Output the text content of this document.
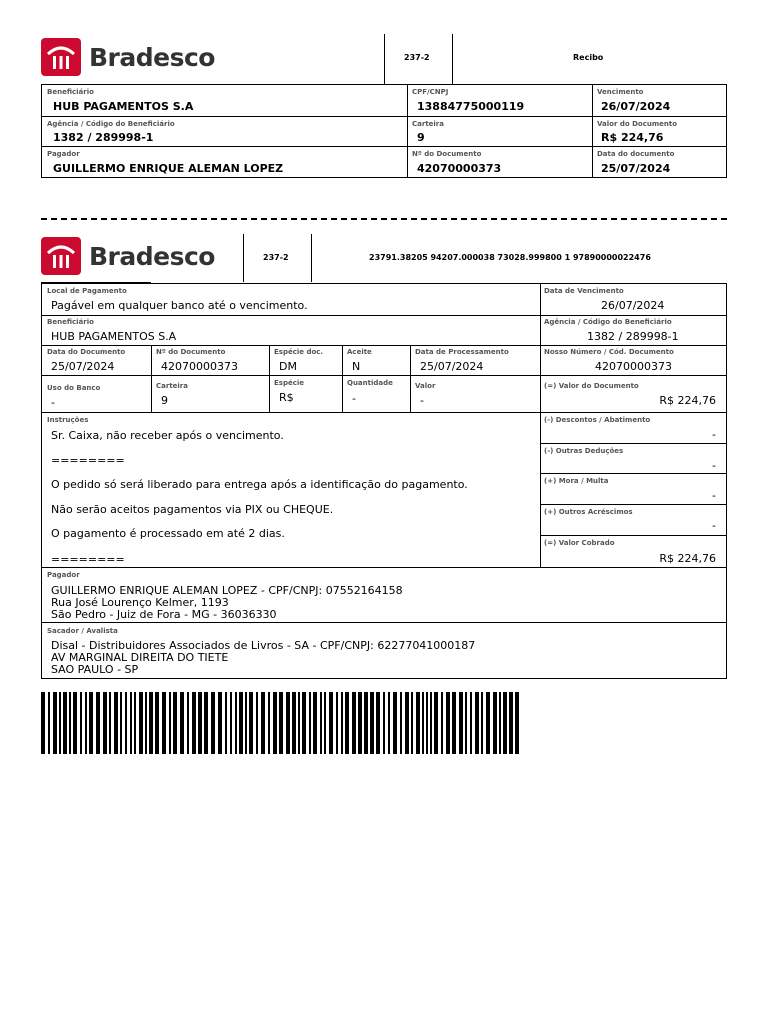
Bradesco	237-2	Recibo
Beneficiário
HUB PAGAMENTOS S.A
CPF/CNPJ
13884775000119
Vencimento
26/07/2024
Agência / Código do Beneficiário
1382 / 289998-1
Carteira
9
Valor do Documento
R$ 224,76
Pagador
GUILLERMO ENRIQUE ALEMAN LOPEZ
Nº do Documento
42070000373
Data do documento
25/07/2024
Bradesco	237-2	23791.38205 94207.000038 73028.999800 1 97890000022476
Local de Pagamento
Pagável em qualquer banco até o vencimento.
Data de Vencimento
26/07/2024
Beneficiário
HUB PAGAMENTOS S.A
Agência / Código do Beneficiário
1382 / 289998-1
Data do Documento
25/07/2024
Nº do Documento
42070000373
Espécie doc.
DM
Aceite
N
Data de Processamento
25/07/2024
Nosso Número / Cód. Documento
42070000373
Uso do Banco
-
Carteira
9
Espécie
R$
Quantidade
-
Valor
-
(=) Valor do Documento
R$ 224,76
Instruções
Sr. Caixa, não receber após o vencimento.
========
O pedido só será liberado para entrega após a identificação do pagamento.
Não serão aceitos pagamentos via PIX ou CHEQUE.
O pagamento é processado em até 2 dias.
========
(-) Descontos / Abatimento
-
(-) Outras Deduções
-
(+) Mora / Multa
-
(+) Outros Acréscimos
-
(=) Valor Cobrado
R$ 224,76
Pagador
GUILLERMO ENRIQUE ALEMAN LOPEZ - CPF/CNPJ: 07552164158
Rua José Lourenço Kelmer, 1193
São Pedro - Juiz de Fora - MG - 36036330
Sacador / Avalista
Disal - Distribuidores Associados de Livros - SA - CPF/CNPJ: 62277041000187
AV MARGINAL DIREITA DO TIETE
SAO PAULO - SP
